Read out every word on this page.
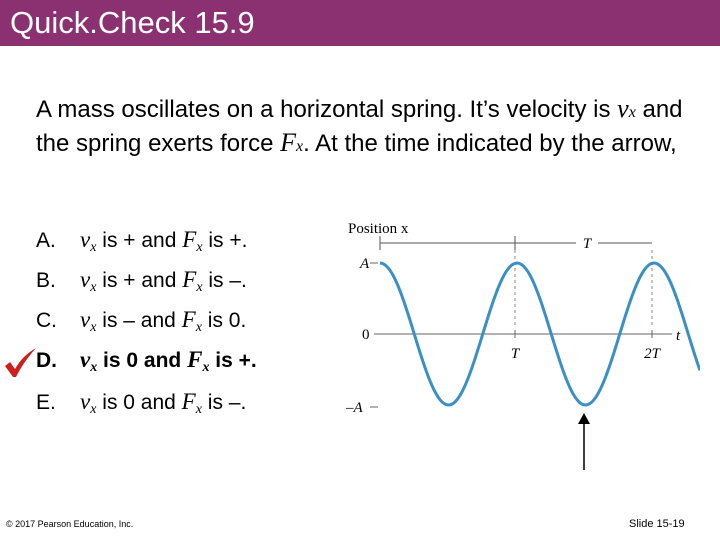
Quick.Check 15.9
A mass oscillates on a horizontal spring. It’s velocity is vx and the spring exerts force Fx. At the time indicated by the arrow,
A. vx is + and Fx is +.
B. vx is + and Fx is –.
C. vx is – and Fx is 0.
D. vx is 0 and Fx is +.
E. vx is 0 and Fx is –.
Position x
t
A
0
–A
T	2T
T
© 2017 Pearson Education, Inc.	Slide 15-19
